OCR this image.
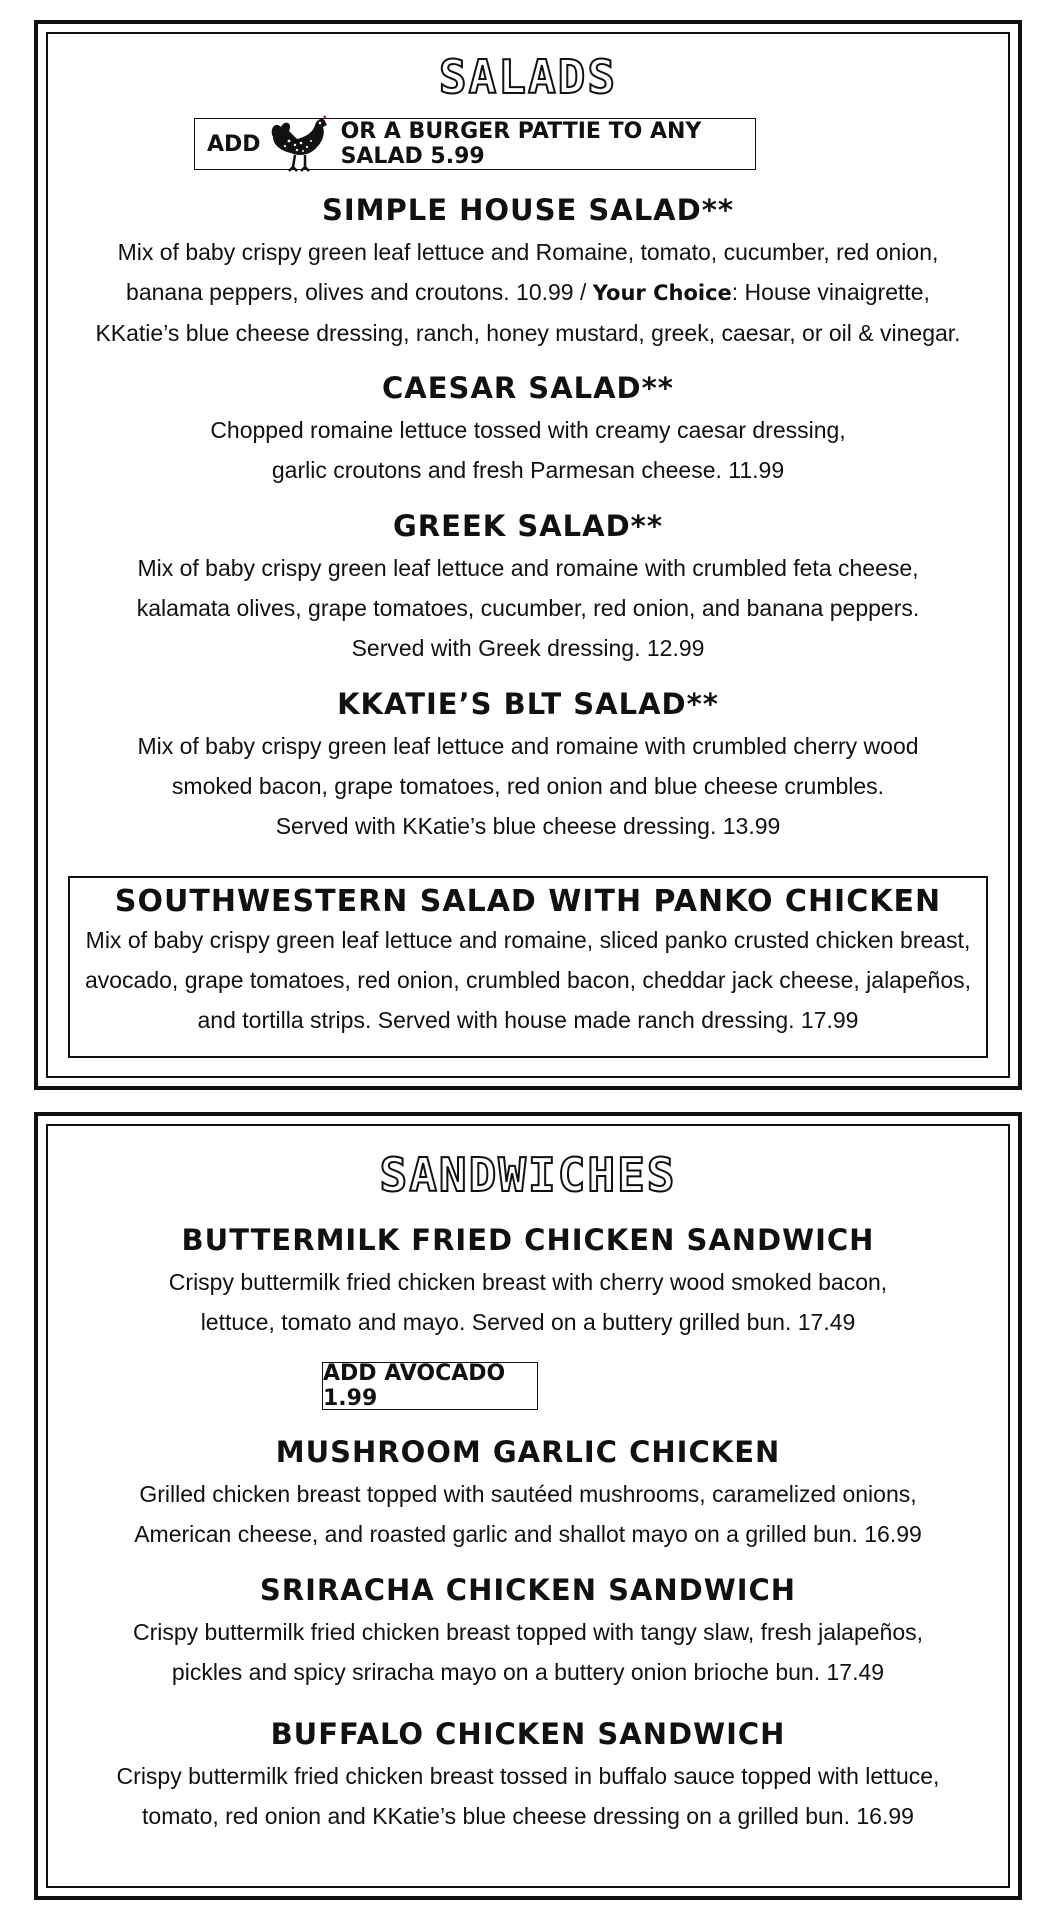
SALADS
ADD	OR A BURGER PATTIE TO ANY SALAD 5.99
SIMPLE HOUSE SALAD**

Mix of baby crispy green leaf lettuce and Romaine, tomato, cucumber, red onion,
banana peppers, olives and croutons. 10.99 / Your Choice: House vinaigrette,
KKatie’s blue cheese dressing, ranch, honey mustard, greek, caesar, or oil & vinegar.

CAESAR SALAD**

Chopped romaine lettuce tossed with creamy caesar dressing,
garlic croutons and fresh Parmesan cheese. 11.99

GREEK SALAD**

Mix of baby crispy green leaf lettuce and romaine with crumbled feta cheese,
kalamata olives, grape tomatoes, cucumber, red onion, and banana peppers.
Served with Greek dressing. 12.99

KKATIE’S BLT SALAD**

Mix of baby crispy green leaf lettuce and romaine with crumbled cherry wood
smoked bacon, grape tomatoes, red onion and blue cheese crumbles.
Served with KKatie’s blue cheese dressing. 13.99

SOUTHWESTERN SALAD WITH PANKO CHICKEN

Mix of baby crispy green leaf lettuce and romaine, sliced panko crusted chicken breast,
avocado, grape tomatoes, red onion, crumbled bacon, cheddar jack cheese, jalapeños,
and tortilla strips. Served with house made ranch dressing. 17.99

SANDWICHES
BUTTERMILK FRIED CHICKEN SANDWICH

Crispy buttermilk fried chicken breast with cherry wood smoked bacon,
lettuce, tomato and mayo. Served on a buttery grilled bun. 17.49

ADD AVOCADO 1.99
MUSHROOM GARLIC CHICKEN

Grilled chicken breast topped with sautéed mushrooms, caramelized onions,
American cheese, and roasted garlic and shallot mayo on a grilled bun. 16.99

SRIRACHA CHICKEN SANDWICH

Crispy buttermilk fried chicken breast topped with tangy slaw, fresh jalapeños,
pickles and spicy sriracha mayo on a buttery onion brioche bun. 17.49

BUFFALO CHICKEN SANDWICH

Crispy buttermilk fried chicken breast tossed in buffalo sauce topped with lettuce,
tomato, red onion and KKatie’s blue cheese dressing on a grilled bun. 16.99
